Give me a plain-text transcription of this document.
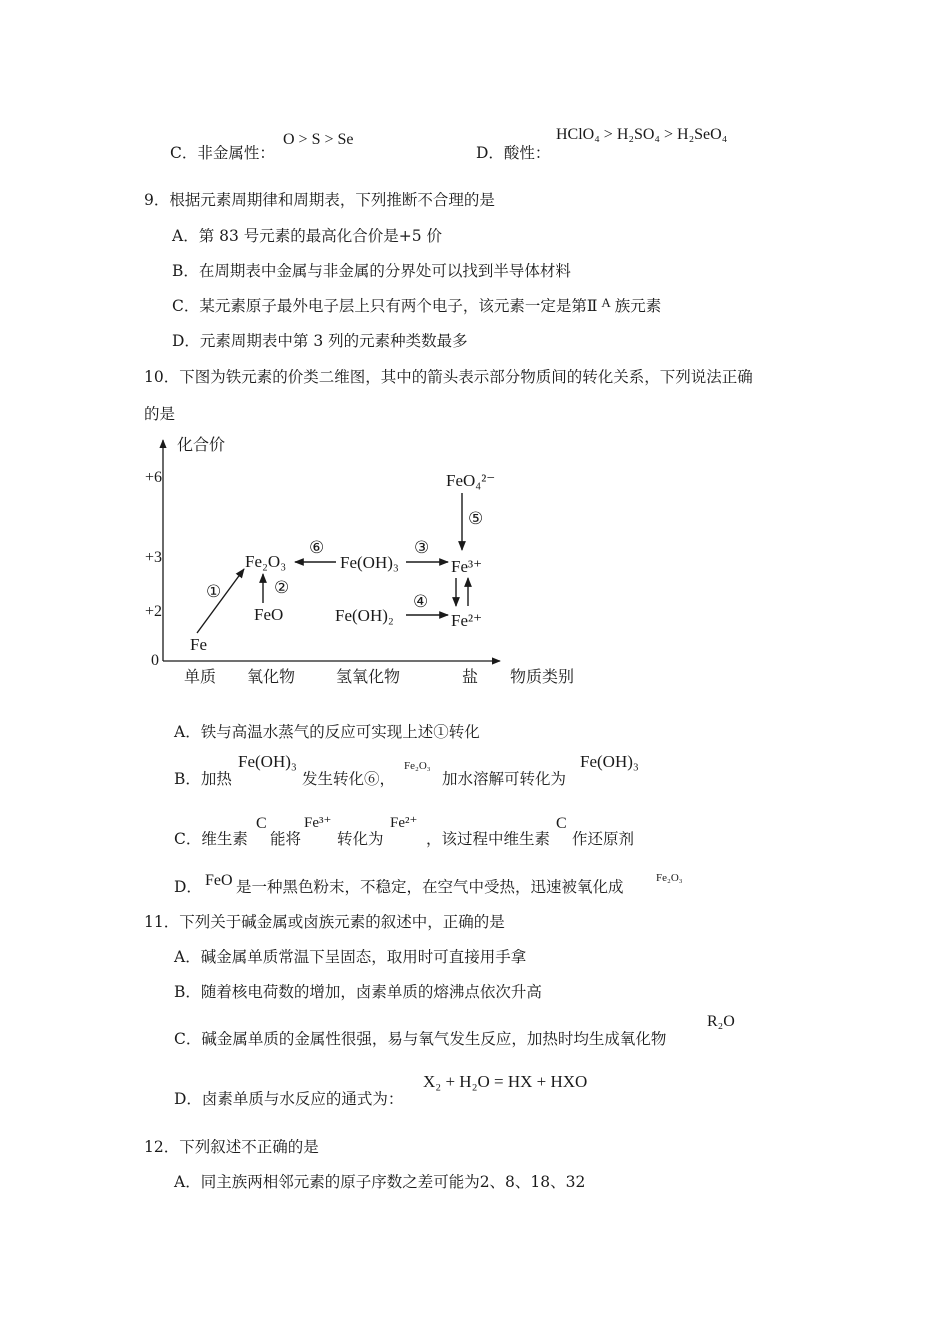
C．非金属性：
O > S > Se
D．酸性：
HClO₄ > H₂SO₄ > H₂SeO₄
9．根据元素周期律和周期表，下列推断不合理的是
A．第 83 号元素的最高化合价是+5 价
B．在周期表中金属与非金属的分界处可以找到半导体材料
C．某元素原子最外电子层上只有两个电子，该元素一定是第Ⅱ $^A$ 族元素
D．元素周期表中第 3 列的元素种类数最多
10．下图为铁元素的价类二维图，其中的箭头表示部分物质间的转化关系，下列说法正确
的是
化合价
物质类别
+6
+3
+2
0
单质 氧化物	氢氧化物	盐
Fe
FeO
Fe₂O₃	Fe(OH)₃
Fe(OH)₂
Fe³⁺
Fe²⁺
FeO₄²⁻
①	②
⑥	③
④
⑤
A．铁与高温水蒸气的反应可实现上述①转化
B．加热
Fe(OH)₃
发生转化⑥，
Fe₂O₃
加水溶解可转化为
Fe(OH)₃
C．维生素
C
能将
Fe³⁺
转化为
Fe²⁺
，该过程中维生素
C
作还原剂
D． FeO 是一种黑色粉末，不稳定，在空气中受热，迅速被氧化成	Fe₂O₃
11．下列关于碱金属或卤族元素的叙述中，正确的是
A．碱金属单质常温下呈固态，取用时可直接用手拿
B．随着核电荷数的增加，卤素单质的熔沸点依次升高
C．碱金属单质的金属性很强，易与氧气发生反应，加热时均生成氧化物
R₂O
D．卤素单质与水反应的通式为：
X₂ + H₂O = HX + HXO
12．下列叙述不正确的是
A．同主族两相邻元素的原子序数之差可能为2、8、18、32
